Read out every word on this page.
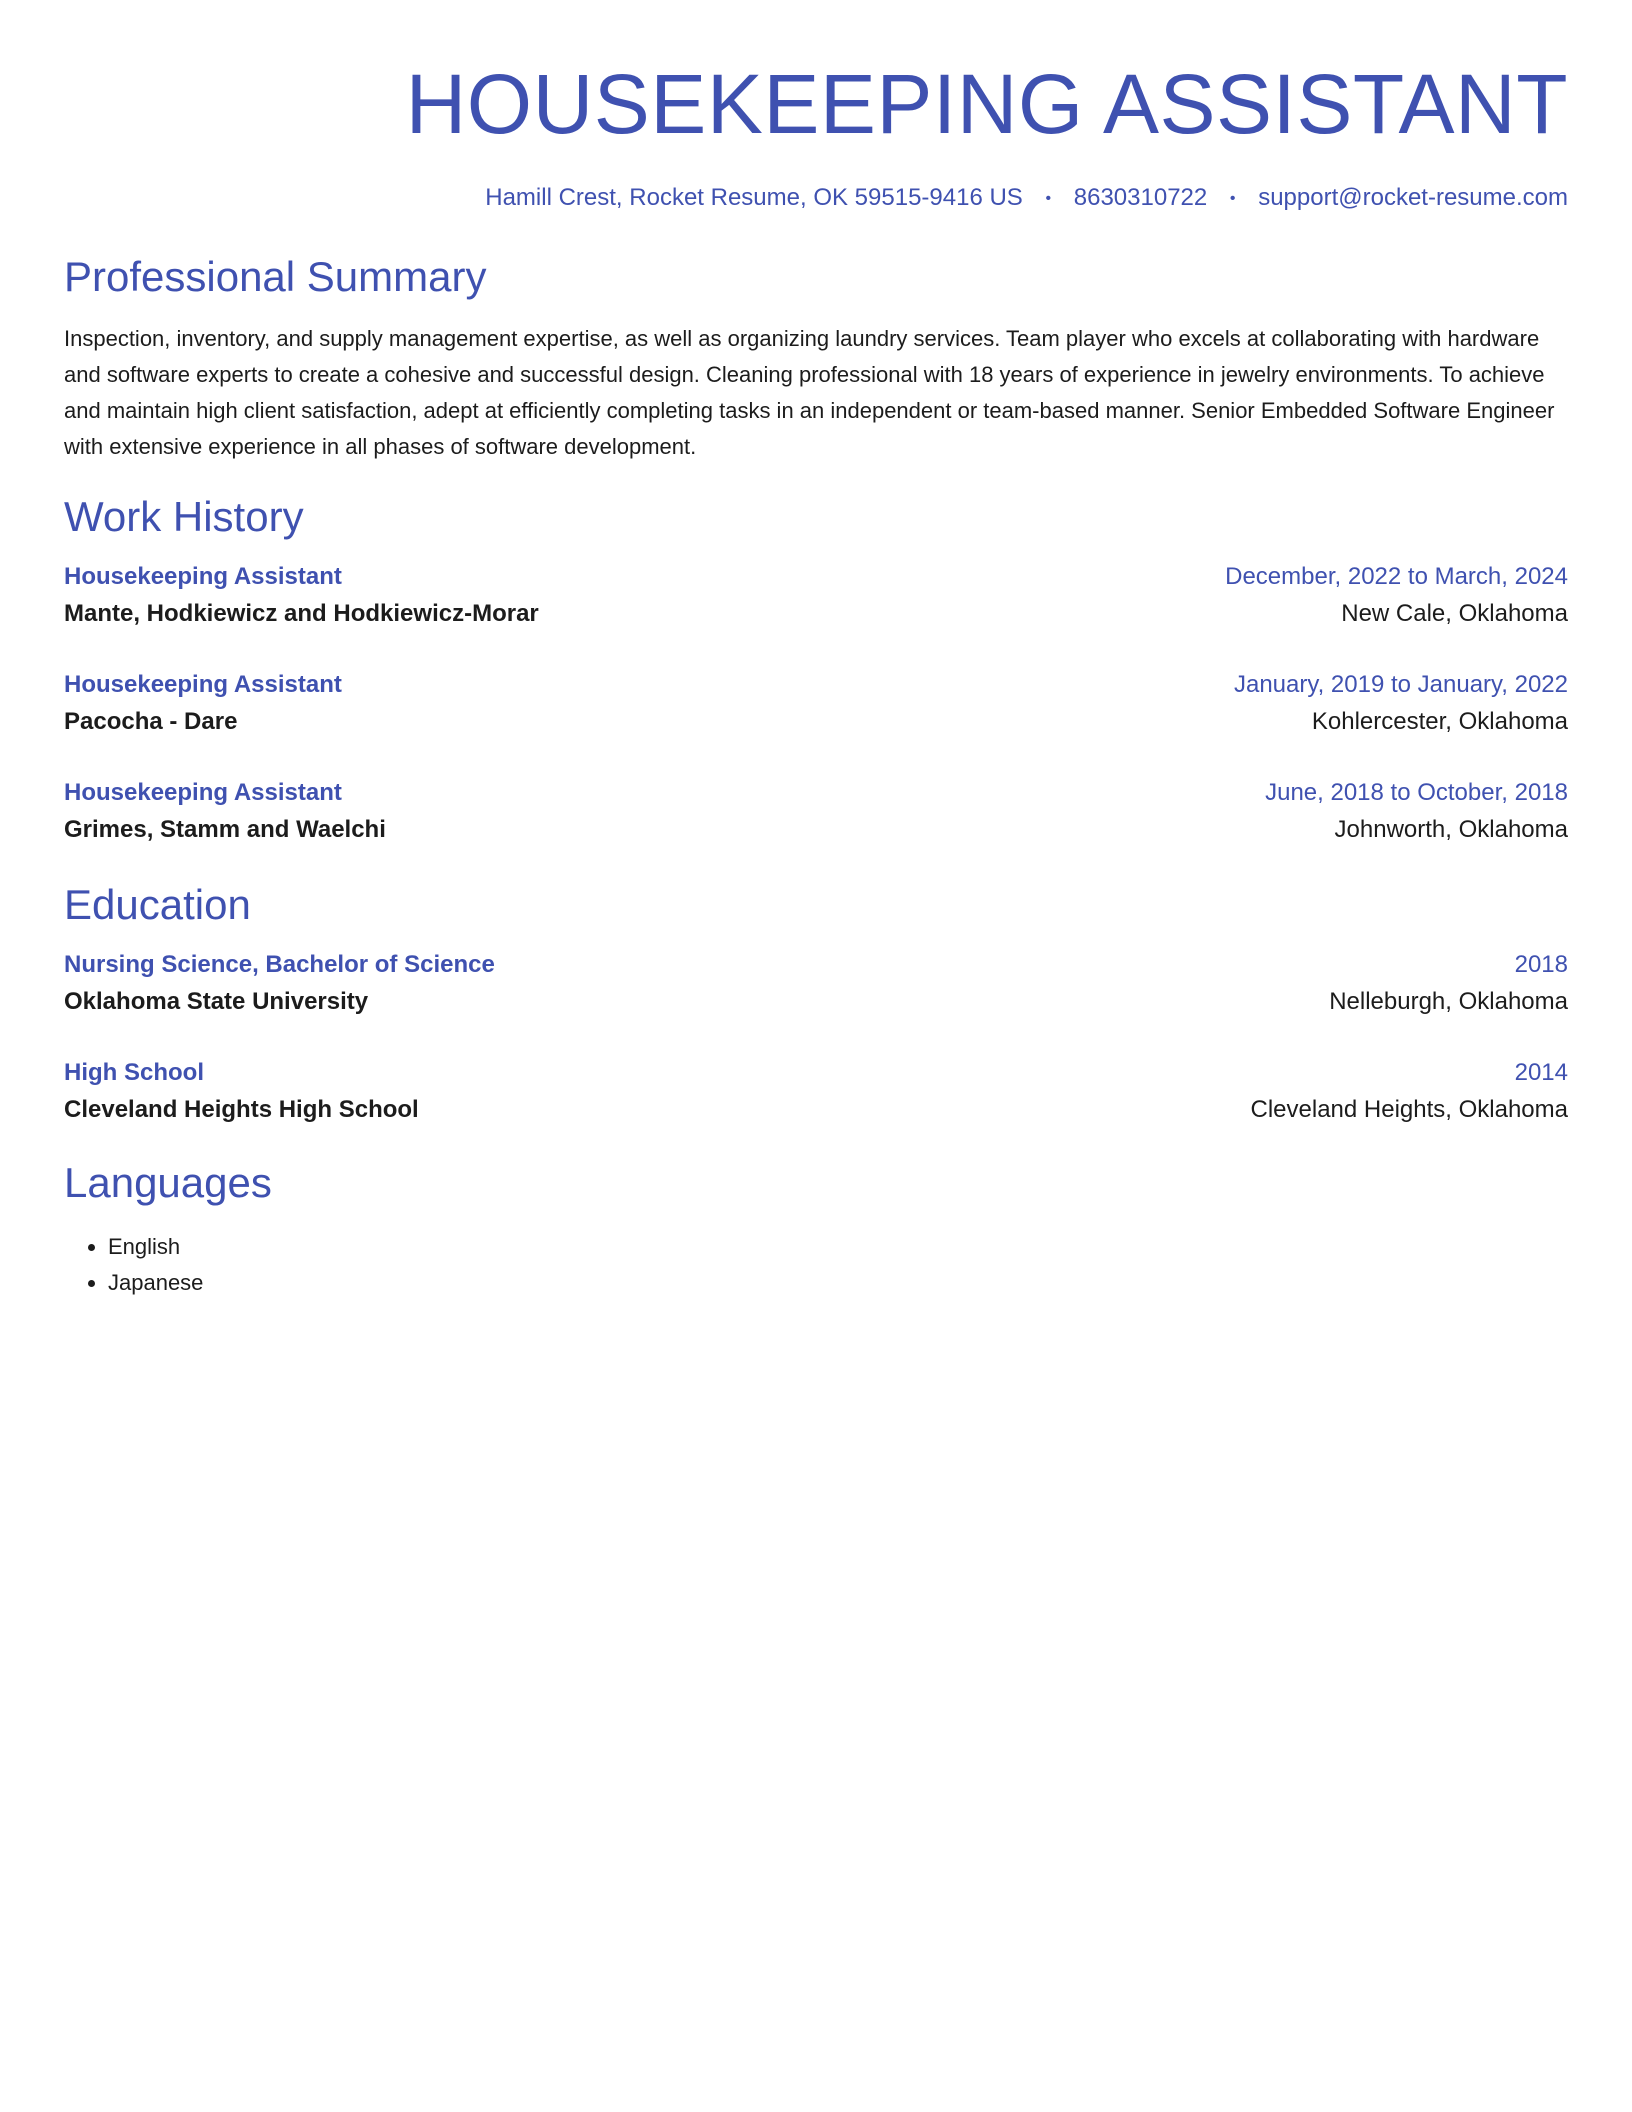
HOUSEKEEPING ASSISTANT
Hamill Crest, Rocket Resume, OK 59515-9416 US • 8630310722 • support@rocket-resume.com
Professional Summary

Inspection, inventory, and supply management expertise, as well as organizing laundry services. Team player who excels at collaborating with hardware and software experts to create a cohesive and successful design. Cleaning professional with 18 years of experience in jewelry environments. To achieve and maintain high client satisfaction, adept at efficiently completing tasks in an independent or team-based manner. Senior Embedded Software Engineer with extensive experience in all phases of software development.

Work History
Housekeeping Assistant	December, 2022 to March, 2024
Mante, Hodkiewicz and Hodkiewicz-Morar	New Cale, Oklahoma
Housekeeping Assistant	January, 2019 to January, 2022
Pacocha - Dare	Kohlercester, Oklahoma
Housekeeping Assistant	June, 2018 to October, 2018
Grimes, Stamm and Waelchi	Johnworth, Oklahoma
Education
Nursing Science, Bachelor of Science	2018
Oklahoma State University	Nelleburgh, Oklahoma
High School	2014
Cleveland Heights High School	Cleveland Heights, Oklahoma
Languages
• English
• Japanese
